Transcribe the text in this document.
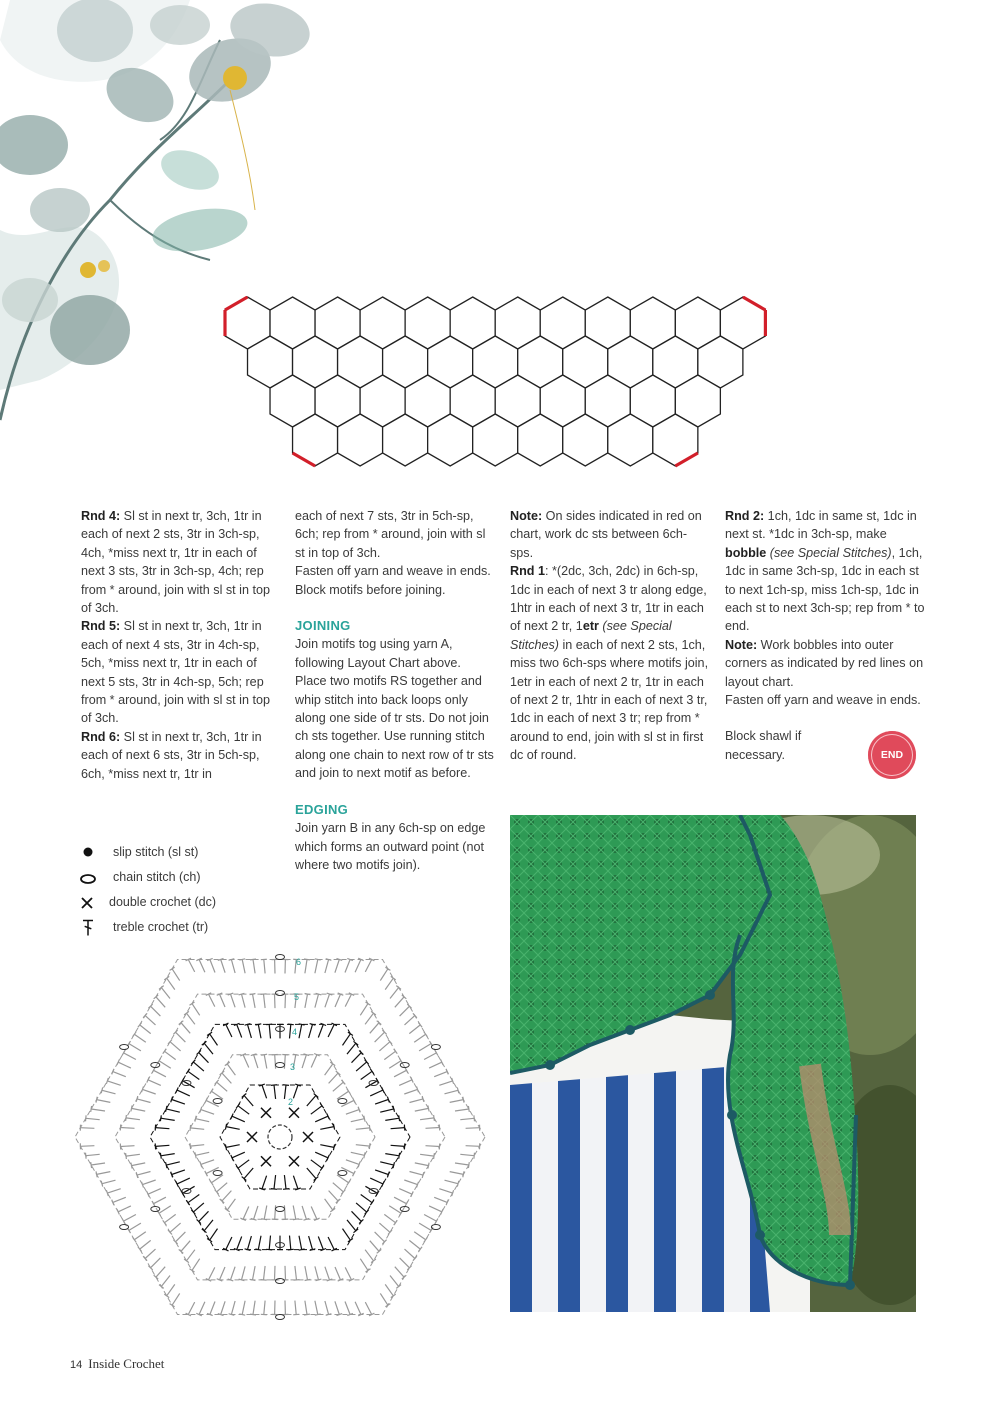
Rnd 4: Sl st in next tr, 3ch, 1tr in each of next 2 sts, 3tr in 3ch-sp, 4ch, *miss next tr, 1tr in each of next 3 sts, 3tr in 3ch-sp, 4ch; rep from * around, join with sl st in top of 3ch.

Rnd 5: Sl st in next tr, 3ch, 1tr in each of next 4 sts, 3tr in 4ch-sp, 5ch, *miss next tr, 1tr in each of next 5 sts, 3tr in 4ch-sp, 5ch; rep from * around, join with sl st in top of 3ch.

Rnd 6: Sl st in next tr, 3ch, 1tr in each of next 6 sts, 3tr in 5ch-sp, 6ch, *miss next tr, 1tr in

each of next 7 sts, 3tr in 5ch-sp, 6ch; rep from * around, join with sl st in top of 3ch.

Fasten off yarn and weave in ends.

Block motifs before joining.

JOINING

Join motifs tog using yarn A, following Layout Chart above. Place two motifs RS together and whip stitch into back loops only along one side of tr sts. Do not join ch sts together. Use running stitch along one chain to next row of tr sts and join to next motif as before.

EDGING

Join yarn B in any 6ch-sp on edge which forms an outward point (not where two motifs join).

Note: On sides indicated in red on chart, work dc sts between 6ch-sps.

Rnd 1: *(2dc, 3ch, 2dc) in 6ch-sp, 1dc in each of next 3 tr along edge, 1htr in each of next 3 tr, 1tr in each of next 2 tr, 1etr (see Special Stitches) in each of next 2 sts, 1ch, miss two 6ch-sps where motifs join, 1etr in each of next 2 tr, 1tr in each of next 2 tr, 1htr in each of next 3 tr, 1dc in each of next 3 tr; rep from * around to end, join with sl st in first dc of round.

Rnd 2: 1ch, 1dc in same st, 1dc in next st. *1dc in 3ch-sp, make bobble (see Special Stitches), 1ch, 1dc in same 3ch-sp, 1dc in each st to next 1ch-sp, miss 1ch-sp, 1dc in each st to next 3ch-sp; rep from * to end.

Note: Work bobbles into outer corners as indicated by red lines on layout chart.

Fasten off yarn and weave in ends.

Block shawl if necessary.	END
slip stitch (sl st)
chain stitch (ch)
double crochet (dc)
treble crochet (tr)
2
3
4
5
6
14 Inside Crochet
